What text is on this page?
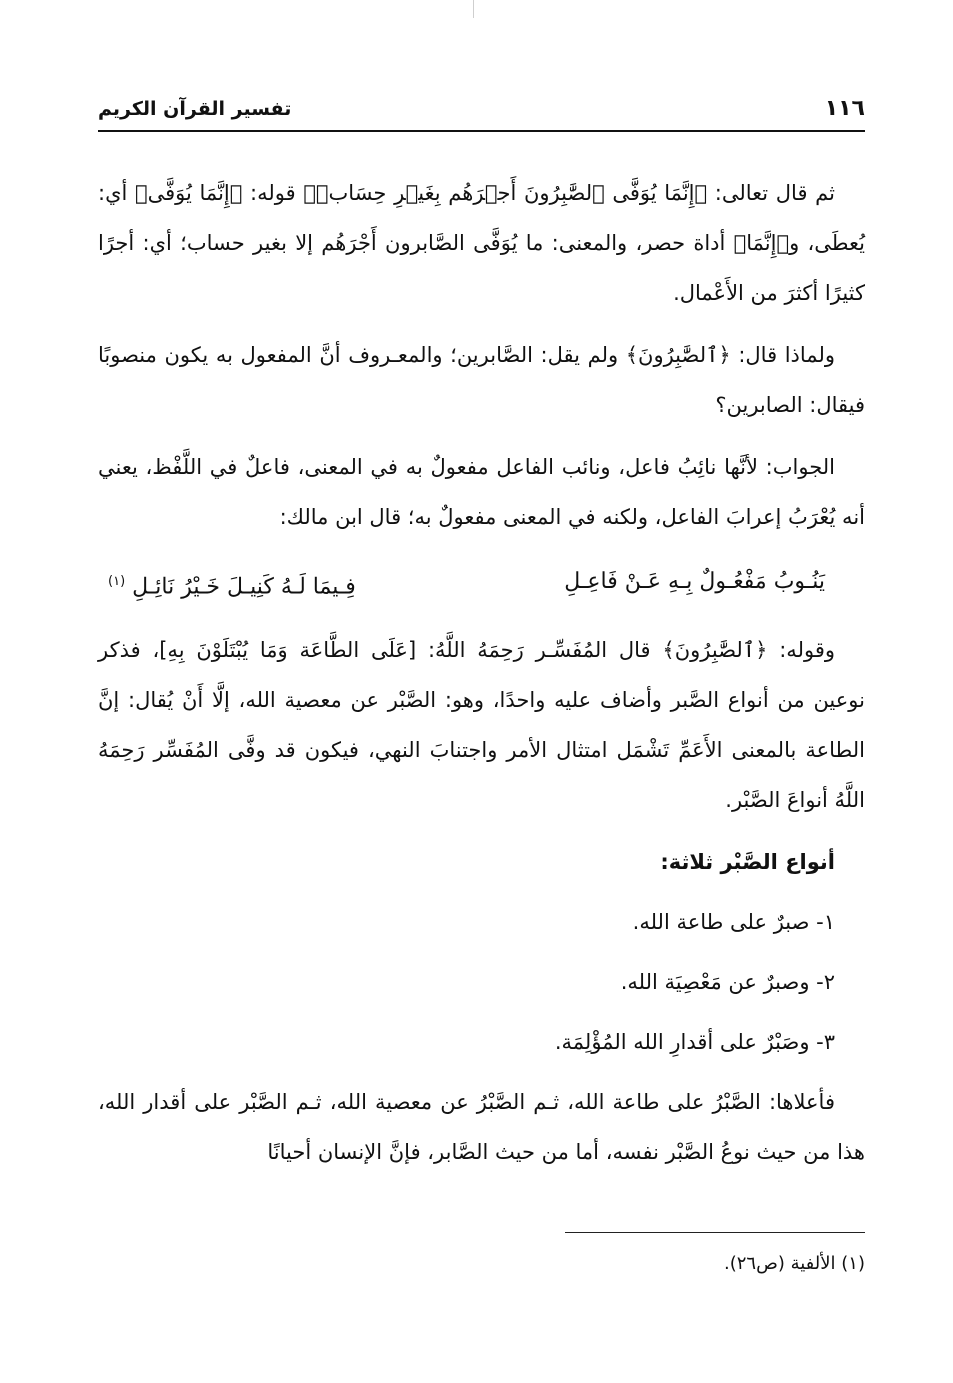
١١٦
تفسير القرآن الكريم

ثم قال تعالى: ﴿إِنَّمَا يُوَفَّى ٱلصَّٰبِرُونَ أَجۡرَهُم بِغَيۡرِ حِسَابٖ﴾ قوله: ﴿إِنَّمَا يُوَفَّى﴾ أي: يُعطَى، و﴿إِنَّمَا﴾ أداة حصر، والمعنى: ما يُوَفَّى الصَّابرون أَجْرَهُم إلا بغير حساب؛ أي: أجرًا كثيرًا أكثرَ من الأَعْمال.

ولماذا قال: ﴿ٱلصَّٰبِرُونَ﴾ ولم يقل: الصَّابرين؛ والمعـروف أنَّ المفعول به يكون منصوبًا فيقال: الصابرين؟

الجواب: لأنَّها نائِبُ فاعل، ونائب الفاعل مفعولٌ به في المعنى، فاعلٌ في اللَّفْظ، يعني أنه يُعْرَبُ إعرابَ الفاعل، ولكنه في المعنى مفعولٌ به؛ قال ابن مالك:

يَنُـوبُ مَفْعُـولٌ بِـهِ عَـنْ فَاعِـلِ
فِـيمَا لَـهُ كَنِيـلَ خَـيْرُ نَائِـلِ $^{(١)}$

وقوله: ﴿ٱلصَّٰبِرُونَ﴾ قال المُفَسِّـر رَحِمَهُ اللَّهُ: [عَلَى الطَّاعَة وَمَا يُبْتَلَوْنَ بِهِ]، فذكر نوعين من أنواع الصَّبر وأضاف عليه واحدًا، وهو: الصَّبْر عن معصية الله، إلَّا أَنْ يُقال: إنَّ الطاعة بالمعنى الأَعَمِّ تَشْمَل امتثال الأمر واجتنابَ النهي، فيكون قد وفَّى المُفَسِّر رَحِمَهُ اللَّهُ أنواعَ الصَّبْر.

أنواع الصَّبْر ثلاثة:

١- صبرٌ على طاعة الله.

٢- وصبرٌ عن مَعْصِيَة الله.

٣- وصَبْرٌ على أقدارِ الله المُؤْلِمَة.

فأعلاها: الصَّبْرُ على طاعة الله، ثـم الصَّبْرُ عن معصية الله، ثـم الصَّبْر على أقدار الله، هذا من حيث نوعُ الصَّبْر نفسه، أما من حيث الصَّابر، فإنَّ الإنسان أحيانًا

(١) الألفية (ص٢٦).
